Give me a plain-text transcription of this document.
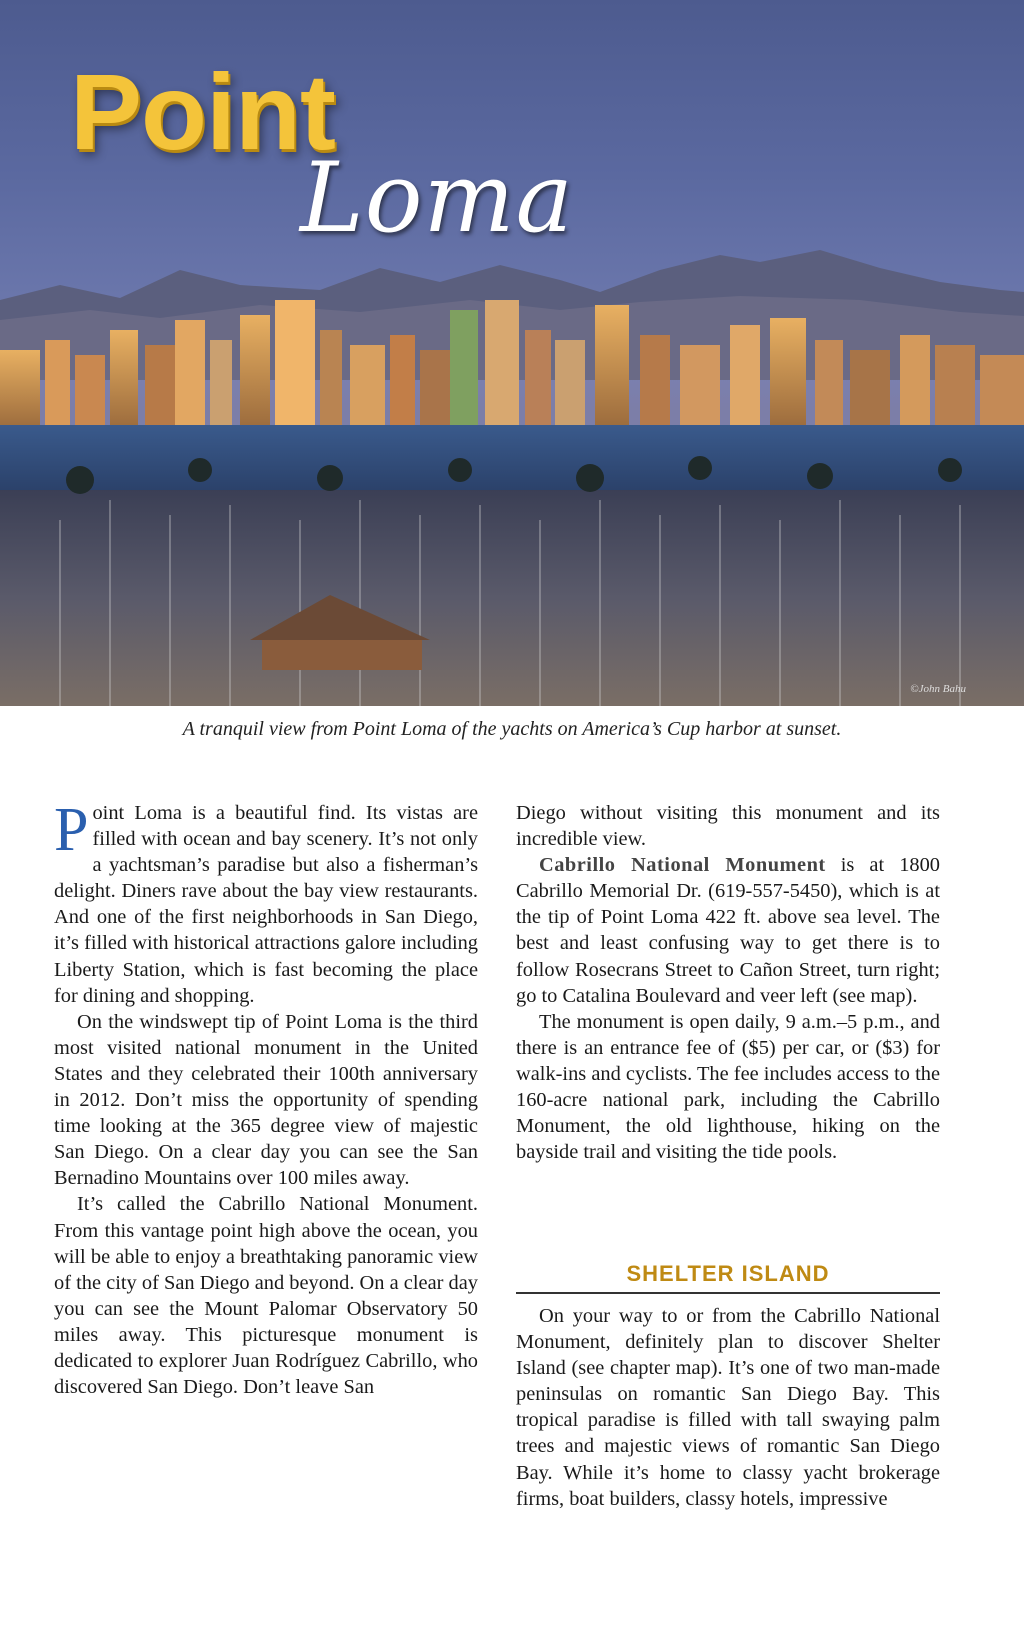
Point
Loma
©John Bahu
A tranquil view from Point Loma of the yachts on America’s Cup harbor at sunset.

Point Loma is a beautiful find. Its vistas are filled with ocean and bay scenery. It’s not only a yachtsman’s paradise but also a fisherman’s delight. Diners rave about the bay view restaurants. And one of the first neighborhoods in San Diego, it’s filled with historical attractions galore including Liberty Station, which is fast becoming the place for dining and shopping.

On the windswept tip of Point Loma is the third most visited national monument in the United States and they celebrated their 100th anniversary in 2012. Don’t miss the opportunity of spending time looking at the 365 degree view of majestic San Diego. On a clear day you can see the San Bernadino Mountains over 100 miles away.

It’s called the Cabrillo National Monument. From this vantage point high above the ocean, you will be able to enjoy a breathtaking panoramic view of the city of San Diego and beyond. On a clear day you can see the Mount Palomar Observatory 50 miles away. This picturesque monument is dedicated to explorer Juan Rodríguez Cabrillo, who discovered San Diego. Don’t leave San

Diego without visiting this monument and its incredible view.

Cabrillo National Monument is at 1800 Cabrillo Memorial Dr. (619-557-5450), which is at the tip of Point Loma 422 ft. above sea level. The best and least confusing way to get there is to follow Rosecrans Street to Cañon Street, turn right; go to Catalina Boulevard and veer left (see map).

The monument is open daily, 9 a.m.–5 p.m., and there is an entrance fee of ($5) per car, or ($3) for walk-ins and cyclists. The fee includes access to the 160-acre national park, including the Cabrillo Monument, the old lighthouse, hiking on the bayside trail and visiting the tide pools.

SHELTER ISLAND

On your way to or from the Cabrillo National Monument, definitely plan to discover Shelter Island (see chapter map). It’s one of two man-made peninsulas on romantic San Diego Bay. This tropical paradise is filled with tall swaying palm trees and majestic views of romantic San Diego Bay. While it’s home to classy yacht brokerage firms, boat builders, classy hotels, impressive
